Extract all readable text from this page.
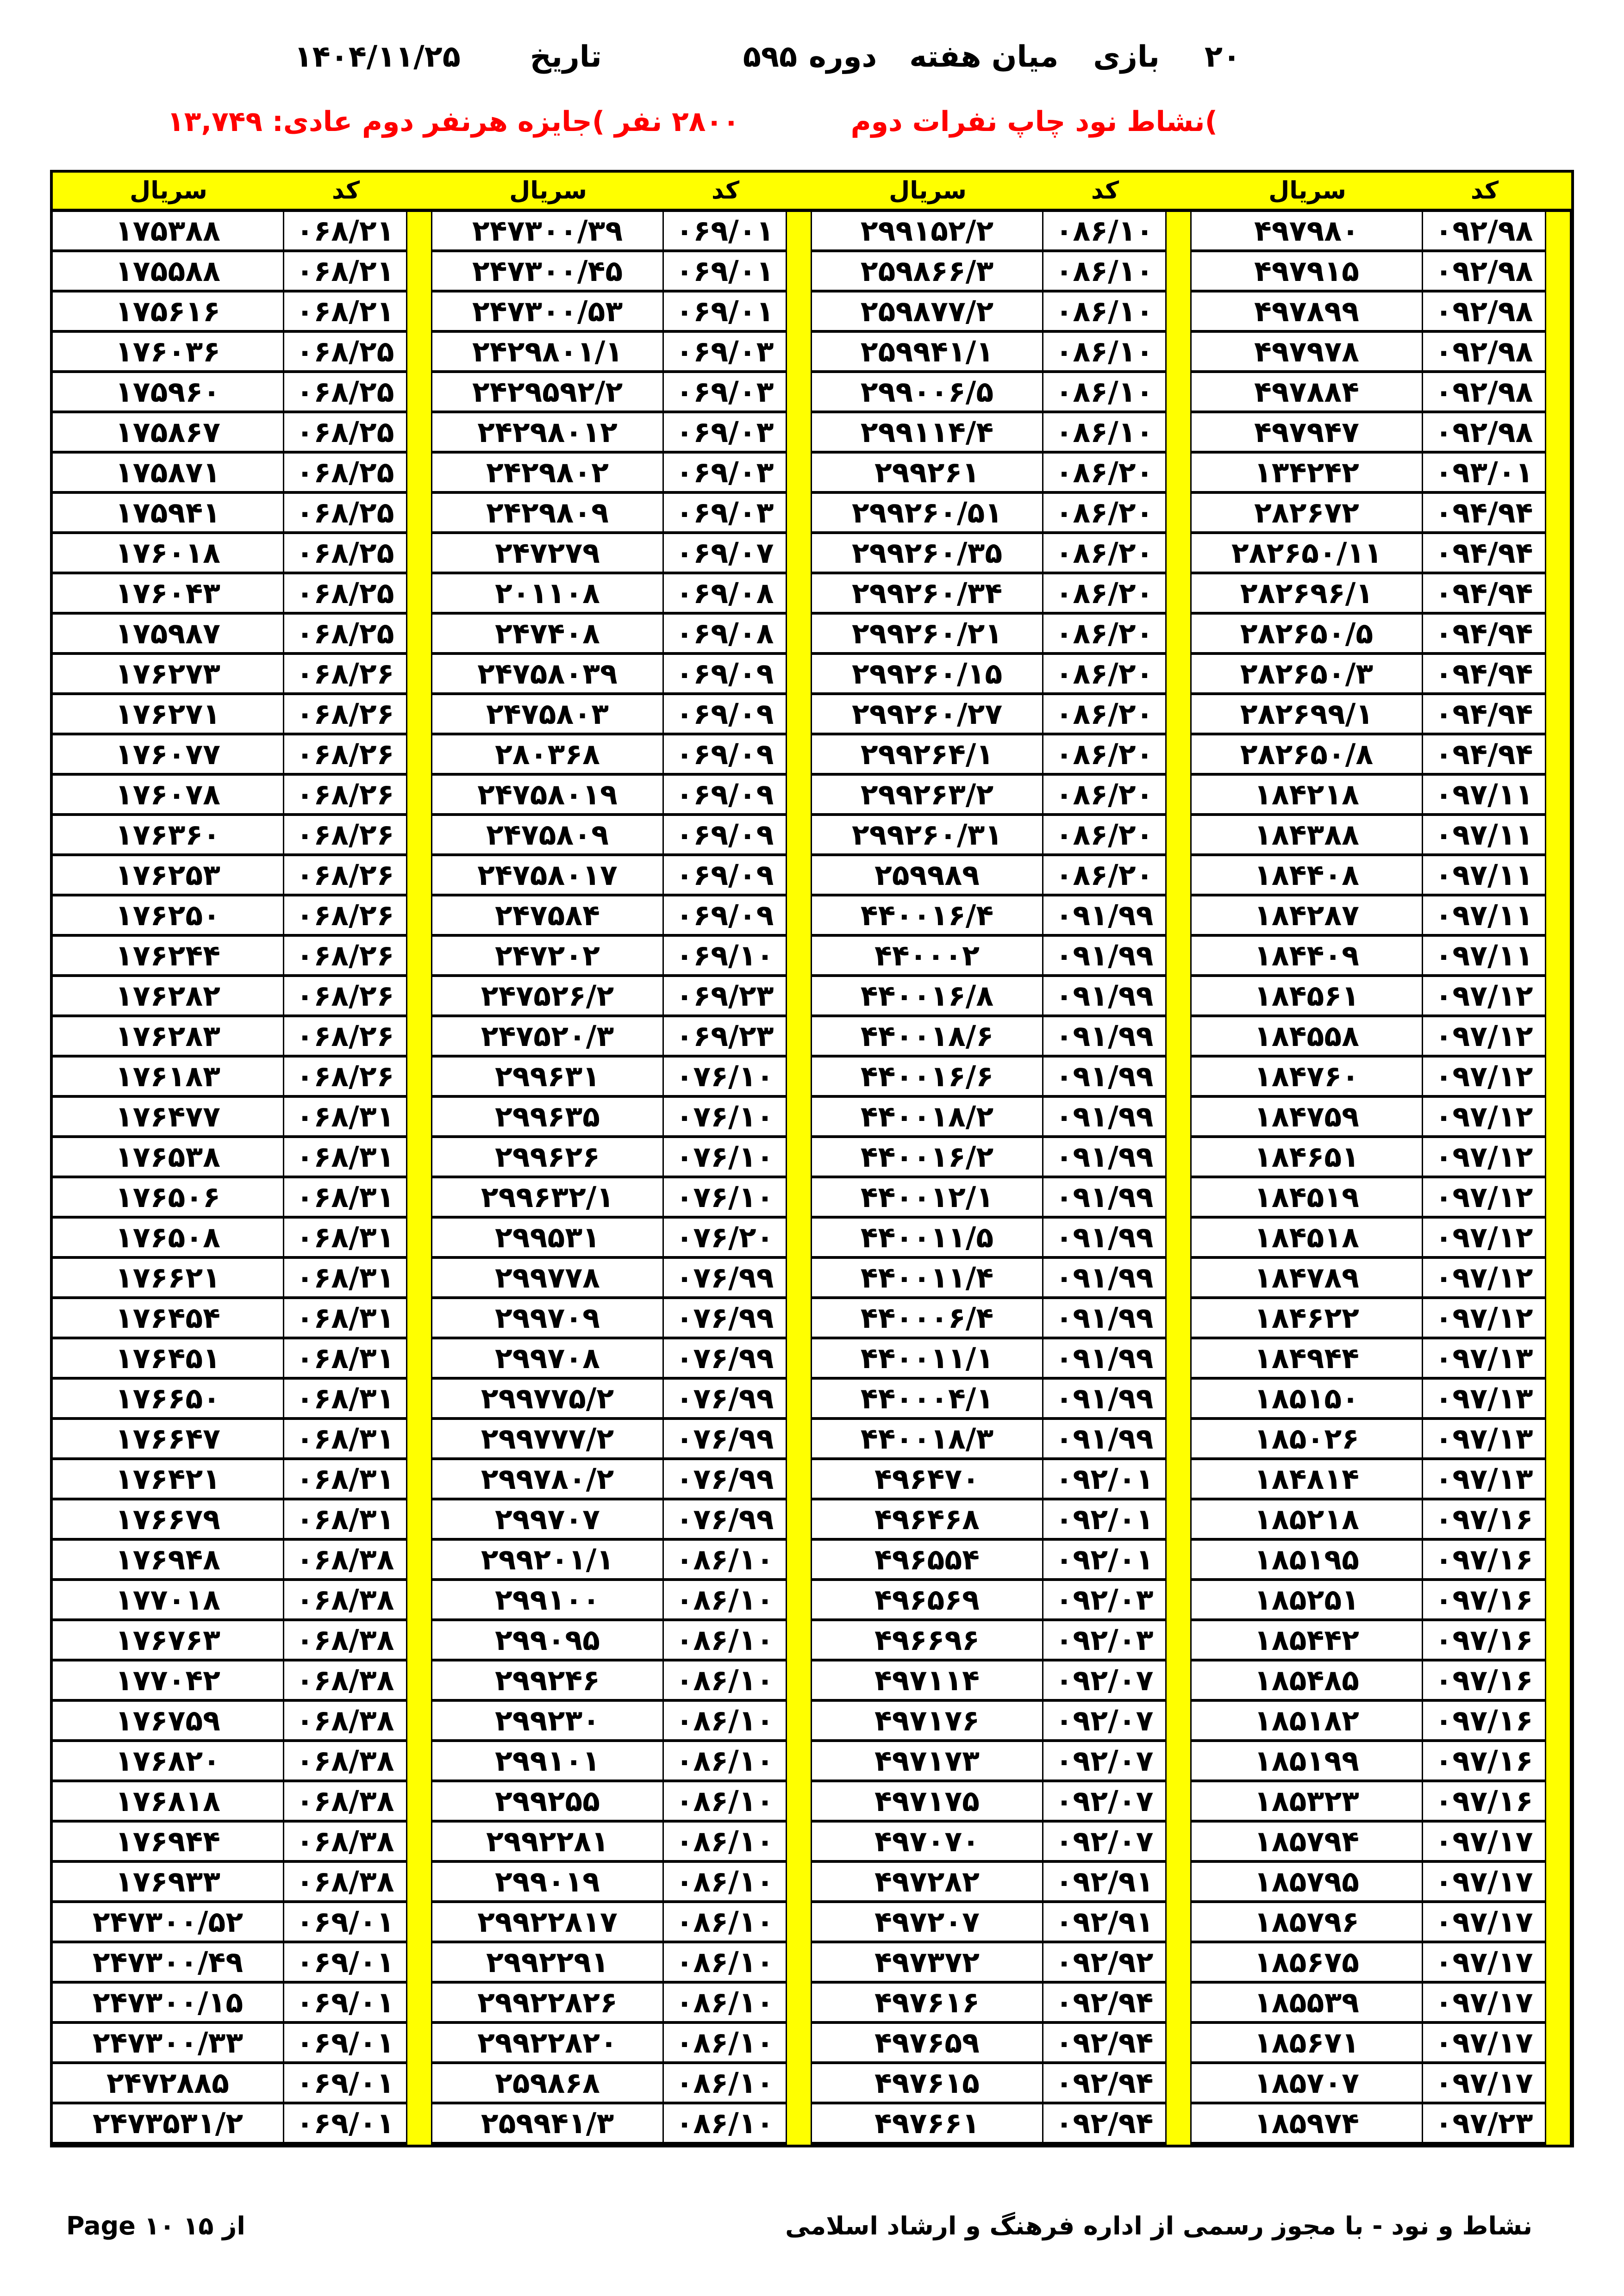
۲۰
بازی
میان هفته
دوره
۵۹۵
تاریخ
۱۴۰۴/۱۱/۲۵
)نشاط نود چاپ نفرات دوم
۲۸۰۰ نفر )جایزه هرنفر دوم عادی: ۱۳,۷۴۹
سریال	کد	سریال	کد	سریال	کد	سریال	کد
۱۷۵۳۸۸	۰۶۸/۲۱	۲۴۷۳۰۰/۳۹	۰۶۹/۰۱	۲۹۹۱۵۲/۲	۰۸۶/۱۰	۴۹۷۹۸۰	۰۹۲/۹۸
۱۷۵۵۸۸	۰۶۸/۲۱	۲۴۷۳۰۰/۴۵	۰۶۹/۰۱	۲۵۹۸۶۶/۳	۰۸۶/۱۰	۴۹۷۹۱۵	۰۹۲/۹۸
۱۷۵۶۱۶	۰۶۸/۲۱	۲۴۷۳۰۰/۵۳	۰۶۹/۰۱	۲۵۹۸۷۷/۲	۰۸۶/۱۰	۴۹۷۸۹۹	۰۹۲/۹۸
۱۷۶۰۳۶	۰۶۸/۲۵	۲۴۲۹۸۰۱/۱	۰۶۹/۰۳	۲۵۹۹۴۱/۱	۰۸۶/۱۰	۴۹۷۹۷۸	۰۹۲/۹۸
۱۷۵۹۶۰	۰۶۸/۲۵	۲۴۲۹۵۹۲/۲	۰۶۹/۰۳	۲۹۹۰۰۶/۵	۰۸۶/۱۰	۴۹۷۸۸۴	۰۹۲/۹۸
۱۷۵۸۶۷	۰۶۸/۲۵	۲۴۲۹۸۰۱۲	۰۶۹/۰۳	۲۹۹۱۱۴/۴	۰۸۶/۱۰	۴۹۷۹۴۷	۰۹۲/۹۸
۱۷۵۸۷۱	۰۶۸/۲۵	۲۴۲۹۸۰۲	۰۶۹/۰۳	۲۹۹۲۶۱	۰۸۶/۲۰	۱۳۴۲۴۲	۰۹۳/۰۱
۱۷۵۹۴۱	۰۶۸/۲۵	۲۴۲۹۸۰۹	۰۶۹/۰۳	۲۹۹۲۶۰/۵۱	۰۸۶/۲۰	۲۸۲۶۷۲	۰۹۴/۹۴
۱۷۶۰۱۸	۰۶۸/۲۵	۲۴۷۲۷۹	۰۶۹/۰۷	۲۹۹۲۶۰/۳۵	۰۸۶/۲۰	۲۸۲۶۵۰/۱۱	۰۹۴/۹۴
۱۷۶۰۴۳	۰۶۸/۲۵	۲۰۱۱۰۸	۰۶۹/۰۸	۲۹۹۲۶۰/۳۴	۰۸۶/۲۰	۲۸۲۶۹۶/۱	۰۹۴/۹۴
۱۷۵۹۸۷	۰۶۸/۲۵	۲۴۷۴۰۸	۰۶۹/۰۸	۲۹۹۲۶۰/۲۱	۰۸۶/۲۰	۲۸۲۶۵۰/۵	۰۹۴/۹۴
۱۷۶۲۷۳	۰۶۸/۲۶	۲۴۷۵۸۰۳۹	۰۶۹/۰۹	۲۹۹۲۶۰/۱۵	۰۸۶/۲۰	۲۸۲۶۵۰/۳	۰۹۴/۹۴
۱۷۶۲۷۱	۰۶۸/۲۶	۲۴۷۵۸۰۳	۰۶۹/۰۹	۲۹۹۲۶۰/۲۷	۰۸۶/۲۰	۲۸۲۶۹۹/۱	۰۹۴/۹۴
۱۷۶۰۷۷	۰۶۸/۲۶	۲۸۰۳۶۸	۰۶۹/۰۹	۲۹۹۲۶۴/۱	۰۸۶/۲۰	۲۸۲۶۵۰/۸	۰۹۴/۹۴
۱۷۶۰۷۸	۰۶۸/۲۶	۲۴۷۵۸۰۱۹	۰۶۹/۰۹	۲۹۹۲۶۳/۲	۰۸۶/۲۰	۱۸۴۲۱۸	۰۹۷/۱۱
۱۷۶۳۶۰	۰۶۸/۲۶	۲۴۷۵۸۰۹	۰۶۹/۰۹	۲۹۹۲۶۰/۳۱	۰۸۶/۲۰	۱۸۴۳۸۸	۰۹۷/۱۱
۱۷۶۲۵۳	۰۶۸/۲۶	۲۴۷۵۸۰۱۷	۰۶۹/۰۹	۲۵۹۹۸۹	۰۸۶/۲۰	۱۸۴۴۰۸	۰۹۷/۱۱
۱۷۶۲۵۰	۰۶۸/۲۶	۲۴۷۵۸۴	۰۶۹/۰۹	۴۴۰۰۱۶/۴	۰۹۱/۹۹	۱۸۴۲۸۷	۰۹۷/۱۱
۱۷۶۲۴۴	۰۶۸/۲۶	۲۴۷۲۰۲	۰۶۹/۱۰	۴۴۰۰۰۲	۰۹۱/۹۹	۱۸۴۴۰۹	۰۹۷/۱۱
۱۷۶۲۸۲	۰۶۸/۲۶	۲۴۷۵۲۶/۲	۰۶۹/۲۳	۴۴۰۰۱۶/۸	۰۹۱/۹۹	۱۸۴۵۶۱	۰۹۷/۱۲
۱۷۶۲۸۳	۰۶۸/۲۶	۲۴۷۵۲۰/۳	۰۶۹/۲۳	۴۴۰۰۱۸/۶	۰۹۱/۹۹	۱۸۴۵۵۸	۰۹۷/۱۲
۱۷۶۱۸۳	۰۶۸/۲۶	۲۹۹۶۳۱	۰۷۶/۱۰	۴۴۰۰۱۶/۶	۰۹۱/۹۹	۱۸۴۷۶۰	۰۹۷/۱۲
۱۷۶۴۷۷	۰۶۸/۳۱	۲۹۹۶۳۵	۰۷۶/۱۰	۴۴۰۰۱۸/۲	۰۹۱/۹۹	۱۸۴۷۵۹	۰۹۷/۱۲
۱۷۶۵۳۸	۰۶۸/۳۱	۲۹۹۶۲۶	۰۷۶/۱۰	۴۴۰۰۱۶/۲	۰۹۱/۹۹	۱۸۴۶۵۱	۰۹۷/۱۲
۱۷۶۵۰۶	۰۶۸/۳۱	۲۹۹۶۳۲/۱	۰۷۶/۱۰	۴۴۰۰۱۲/۱	۰۹۱/۹۹	۱۸۴۵۱۹	۰۹۷/۱۲
۱۷۶۵۰۸	۰۶۸/۳۱	۲۹۹۵۳۱	۰۷۶/۲۰	۴۴۰۰۱۱/۵	۰۹۱/۹۹	۱۸۴۵۱۸	۰۹۷/۱۲
۱۷۶۶۲۱	۰۶۸/۳۱	۲۹۹۷۷۸	۰۷۶/۹۹	۴۴۰۰۱۱/۴	۰۹۱/۹۹	۱۸۴۷۸۹	۰۹۷/۱۲
۱۷۶۴۵۴	۰۶۸/۳۱	۲۹۹۷۰۹	۰۷۶/۹۹	۴۴۰۰۰۶/۴	۰۹۱/۹۹	۱۸۴۶۲۲	۰۹۷/۱۲
۱۷۶۴۵۱	۰۶۸/۳۱	۲۹۹۷۰۸	۰۷۶/۹۹	۴۴۰۰۱۱/۱	۰۹۱/۹۹	۱۸۴۹۴۴	۰۹۷/۱۳
۱۷۶۶۵۰	۰۶۸/۳۱	۲۹۹۷۷۵/۲	۰۷۶/۹۹	۴۴۰۰۰۴/۱	۰۹۱/۹۹	۱۸۵۱۵۰	۰۹۷/۱۳
۱۷۶۶۴۷	۰۶۸/۳۱	۲۹۹۷۷۷/۲	۰۷۶/۹۹	۴۴۰۰۱۸/۳	۰۹۱/۹۹	۱۸۵۰۲۶	۰۹۷/۱۳
۱۷۶۴۲۱	۰۶۸/۳۱	۲۹۹۷۸۰/۲	۰۷۶/۹۹	۴۹۶۴۷۰	۰۹۲/۰۱	۱۸۴۸۱۴	۰۹۷/۱۳
۱۷۶۶۷۹	۰۶۸/۳۱	۲۹۹۷۰۷	۰۷۶/۹۹	۴۹۶۴۶۸	۰۹۲/۰۱	۱۸۵۲۱۸	۰۹۷/۱۶
۱۷۶۹۴۸	۰۶۸/۳۸	۲۹۹۲۰۱/۱	۰۸۶/۱۰	۴۹۶۵۵۴	۰۹۲/۰۱	۱۸۵۱۹۵	۰۹۷/۱۶
۱۷۷۰۱۸	۰۶۸/۳۸	۲۹۹۱۰۰	۰۸۶/۱۰	۴۹۶۵۶۹	۰۹۲/۰۳	۱۸۵۲۵۱	۰۹۷/۱۶
۱۷۶۷۶۳	۰۶۸/۳۸	۲۹۹۰۹۵	۰۸۶/۱۰	۴۹۶۶۹۶	۰۹۲/۰۳	۱۸۵۴۴۲	۰۹۷/۱۶
۱۷۷۰۴۲	۰۶۸/۳۸	۲۹۹۲۴۶	۰۸۶/۱۰	۴۹۷۱۱۴	۰۹۲/۰۷	۱۸۵۴۸۵	۰۹۷/۱۶
۱۷۶۷۵۹	۰۶۸/۳۸	۲۹۹۲۳۰	۰۸۶/۱۰	۴۹۷۱۷۶	۰۹۲/۰۷	۱۸۵۱۸۲	۰۹۷/۱۶
۱۷۶۸۲۰	۰۶۸/۳۸	۲۹۹۱۰۱	۰۸۶/۱۰	۴۹۷۱۷۳	۰۹۲/۰۷	۱۸۵۱۹۹	۰۹۷/۱۶
۱۷۶۸۱۸	۰۶۸/۳۸	۲۹۹۲۵۵	۰۸۶/۱۰	۴۹۷۱۷۵	۰۹۲/۰۷	۱۸۵۳۲۳	۰۹۷/۱۶
۱۷۶۹۴۴	۰۶۸/۳۸	۲۹۹۲۲۸۱	۰۸۶/۱۰	۴۹۷۰۷۰	۰۹۲/۰۷	۱۸۵۷۹۴	۰۹۷/۱۷
۱۷۶۹۳۳	۰۶۸/۳۸	۲۹۹۰۱۹	۰۸۶/۱۰	۴۹۷۲۸۲	۰۹۲/۹۱	۱۸۵۷۹۵	۰۹۷/۱۷
۲۴۷۳۰۰/۵۲	۰۶۹/۰۱	۲۹۹۲۲۸۱۷	۰۸۶/۱۰	۴۹۷۲۰۷	۰۹۲/۹۱	۱۸۵۷۹۶	۰۹۷/۱۷
۲۴۷۳۰۰/۴۹	۰۶۹/۰۱	۲۹۹۲۲۹۱	۰۸۶/۱۰	۴۹۷۳۷۲	۰۹۲/۹۲	۱۸۵۶۷۵	۰۹۷/۱۷
۲۴۷۳۰۰/۱۵	۰۶۹/۰۱	۲۹۹۲۲۸۲۶	۰۸۶/۱۰	۴۹۷۶۱۶	۰۹۲/۹۴	۱۸۵۵۳۹	۰۹۷/۱۷
۲۴۷۳۰۰/۳۳	۰۶۹/۰۱	۲۹۹۲۲۸۲۰	۰۸۶/۱۰	۴۹۷۶۵۹	۰۹۲/۹۴	۱۸۵۶۷۱	۰۹۷/۱۷
۲۴۷۲۸۸۵	۰۶۹/۰۱	۲۵۹۸۶۸	۰۸۶/۱۰	۴۹۷۶۱۵	۰۹۲/۹۴	۱۸۵۷۰۷	۰۹۷/۱۷
۲۴۷۳۵۳۱/۲	۰۶۹/۰۱	۲۵۹۹۴۱/۳	۰۸۶/۱۰	۴۹۷۶۶۱	۰۹۲/۹۴	۱۸۵۹۷۴	۰۹۷/۲۳
Page ۱۰ از ۱۵	نشاط و نود - با مجوز رسمی از اداره فرهنگ و ارشاد اسلامی
